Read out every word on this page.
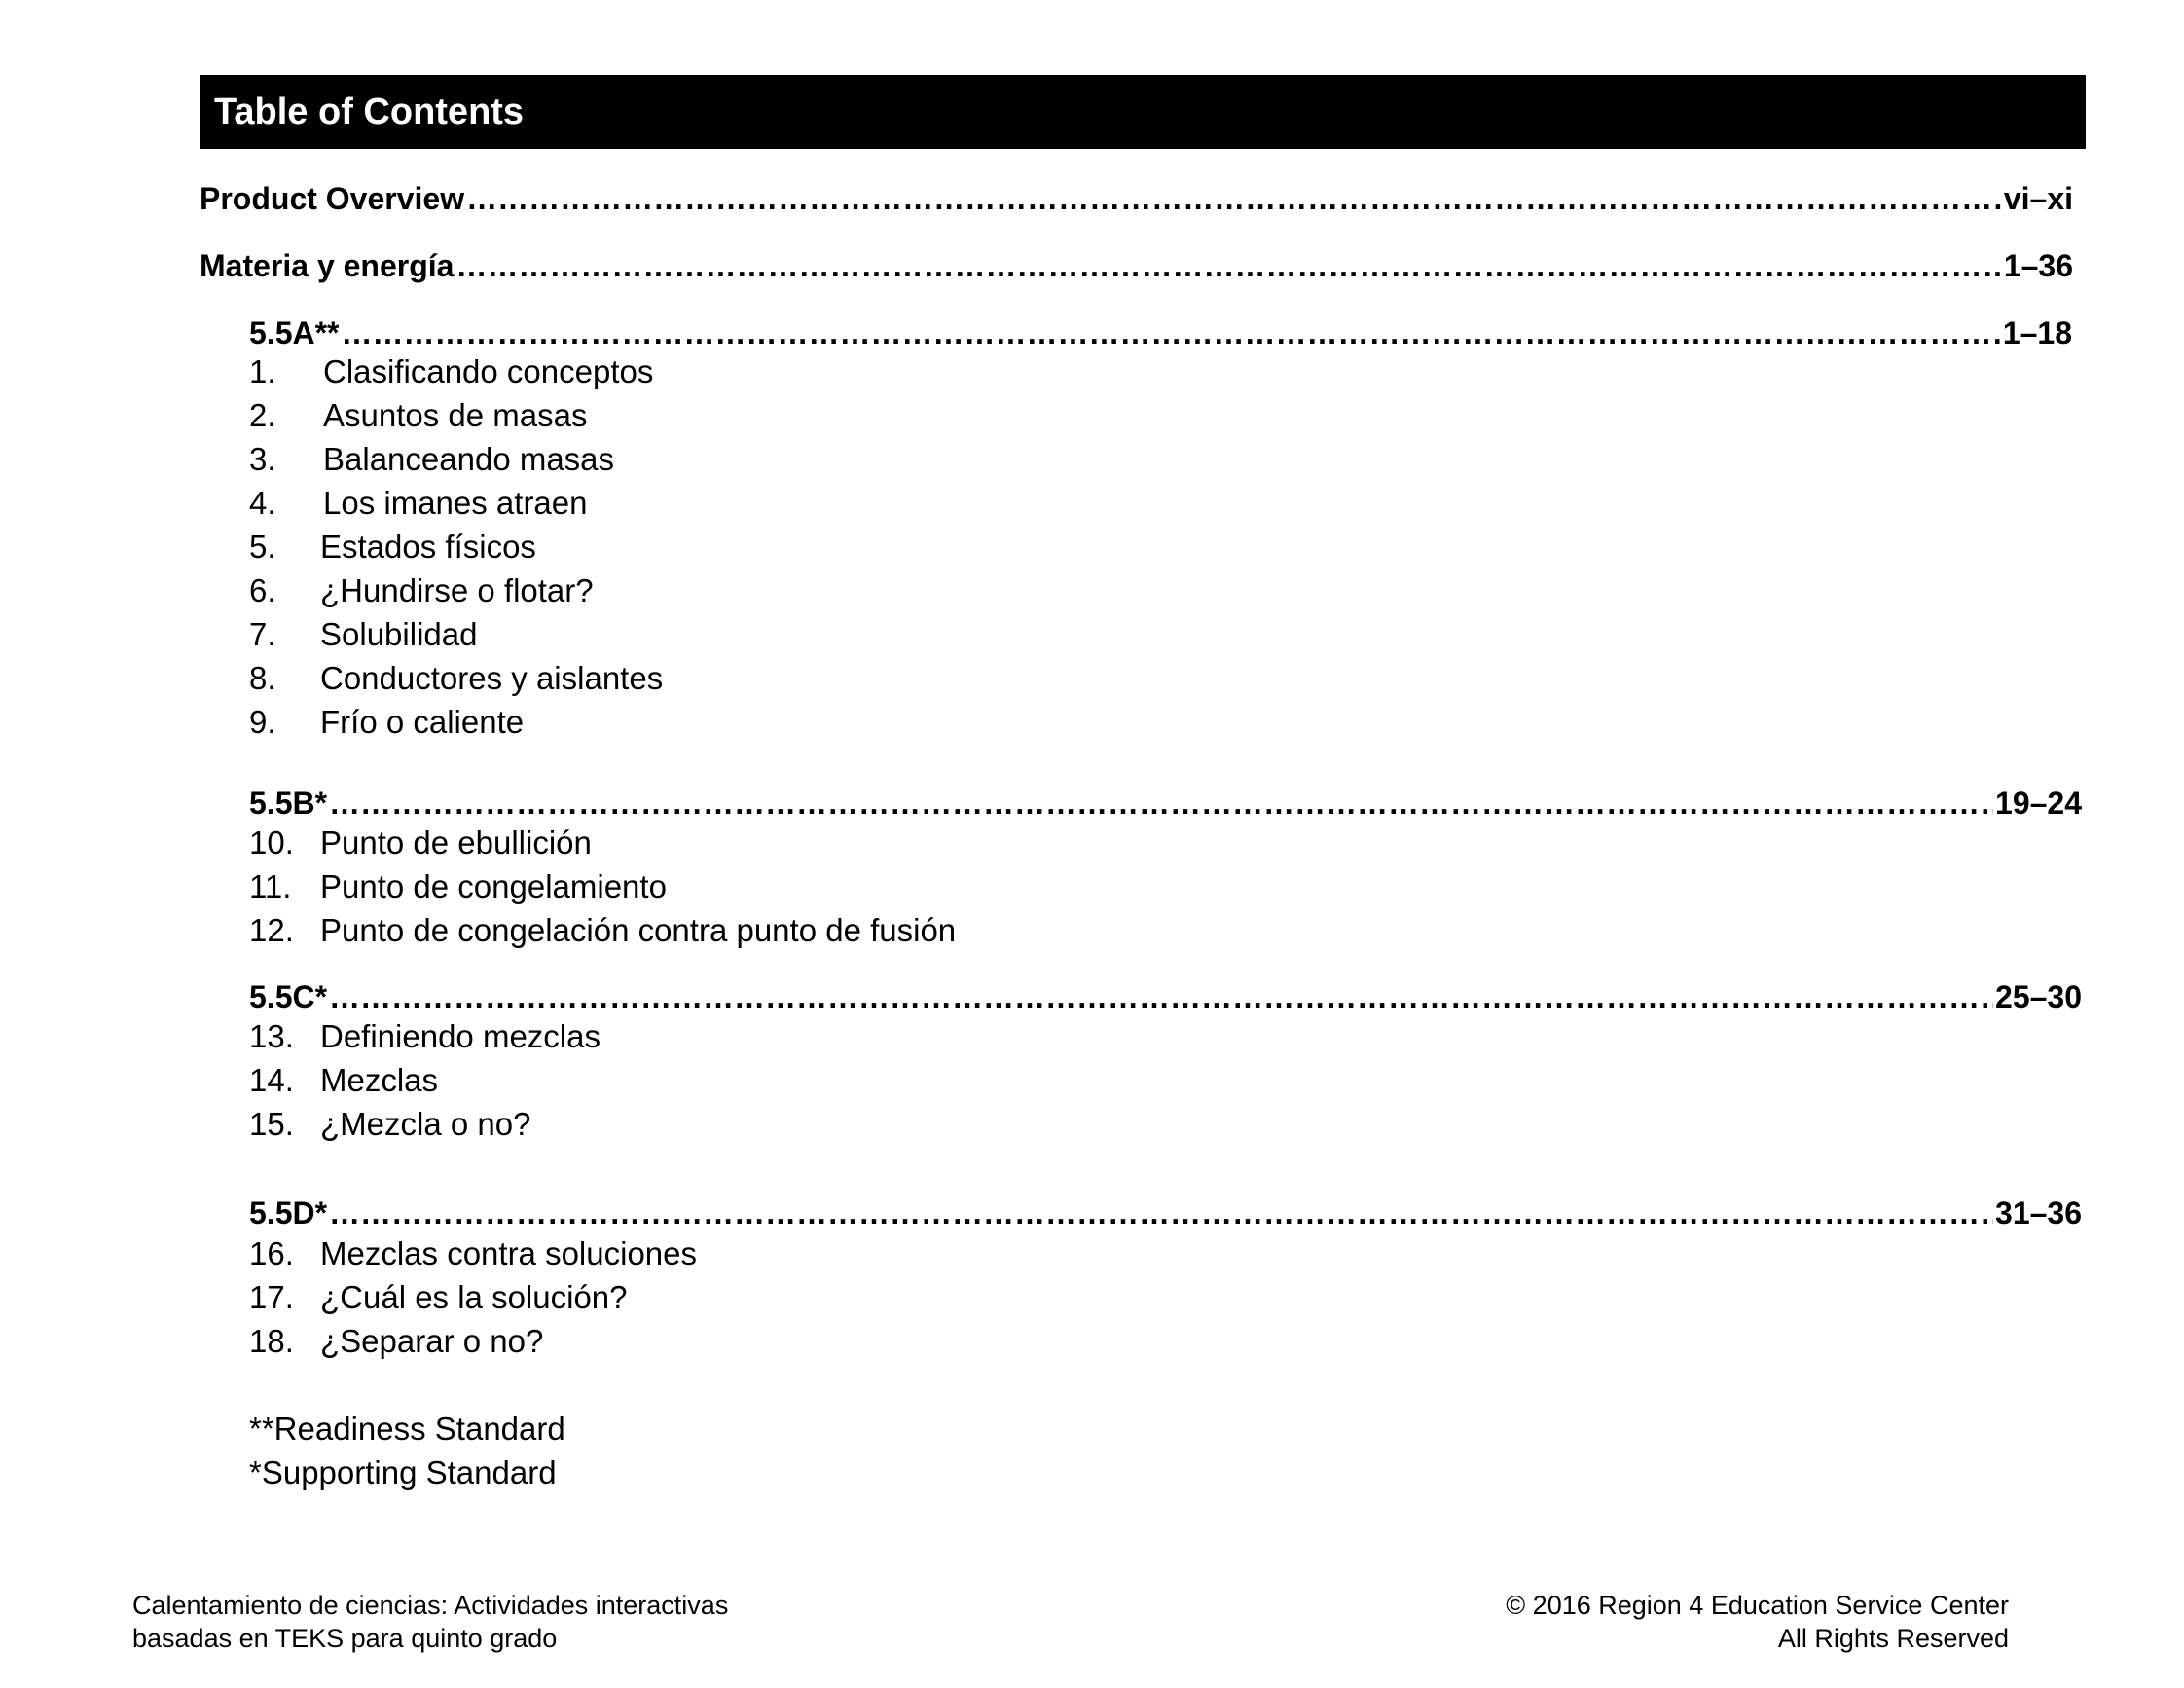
Table of Contents
Product Overview ……………………………………………………………………………………………………………………………………………………………………………………………………	vi–xi
Materia y energía ……………………………………………………………………………………………………………………………………………………………………………………………………	1–36
5.5A** ……………………………………………………………………………………………………………………………………………………………………………………………………	1–18
1. Clasificando conceptos
2. Asuntos de masas
3. Balanceando masas
4. Los imanes atraen
5. Estados físicos
6. ¿Hundirse o flotar?
7. Solubilidad
8. Conductores y aislantes
9. Frío o caliente
5.5B* ……………………………………………………………………………………………………………………………………………………………………………………………………	19–24
10. Punto de ebullición
11. Punto de congelamiento
12. Punto de congelación contra punto de fusión
5.5C* ……………………………………………………………………………………………………………………………………………………………………………………………………	25–30
13. Definiendo mezclas
14. Mezclas
15. ¿Mezcla o no?
5.5D* ……………………………………………………………………………………………………………………………………………………………………………………………………	31–36
16. Mezclas contra soluciones
17. ¿Cuál es la solución?
18. ¿Separar o no?
**Readiness Standard
*Supporting Standard
Calentamiento de ciencias: Actividades interactivas
basadas en TEKS para quinto grado
© 2016 Region 4 Education Service Center
All Rights Reserved
